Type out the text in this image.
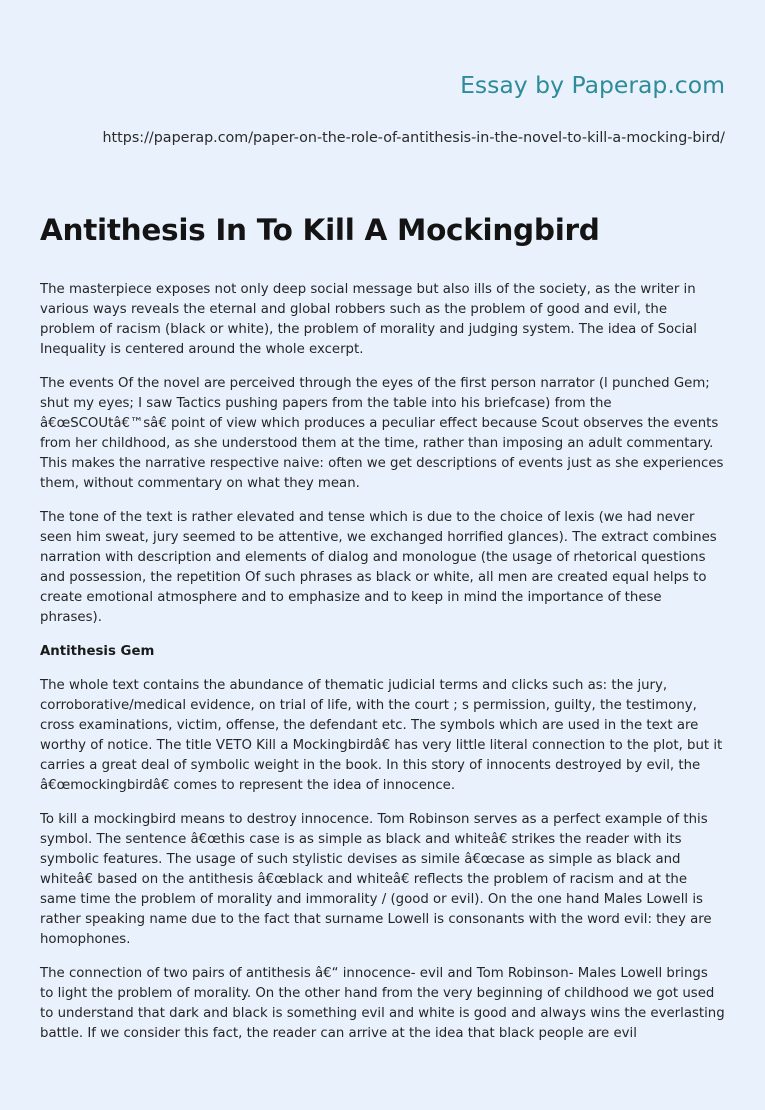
Essay by Paperap.com
https://paperap.com/paper-on-the-role-of-antithesis-in-the-novel-to-kill-a-mocking-bird/
Antithesis In To Kill A Mockingbird

The masterpiece exposes not only deep social message but also ills of the society, as the writer in various ways reveals the eternal and global robbers such as the problem of good and evil, the problem of racism (black or white), the problem of morality and judging system. The idea of Social Inequality is centered around the whole excerpt.

The events Of the novel are perceived through the eyes of the first person narrator (l punched Gem; shut my eyes; I saw Tactics pushing papers from the table into his briefcase) from the â€œSCOUtâ€™sâ€ point of view which produces a peculiar effect because Scout observes the events from her childhood, as she understood them at the time, rather than imposing an adult commentary. This makes the narrative respective naive: often we get descriptions of events just as she experiences them, without commentary on what they mean.

The tone of the text is rather elevated and tense which is due to the choice of lexis (we had never seen him sweat, jury seemed to be attentive, we exchanged horrified glances). The extract combines narration with description and elements of dialog and monologue (the usage of rhetorical questions and possession, the repetition Of such phrases as black or white, all men are created equal helps to create emotional atmosphere and to emphasize and to keep in mind the importance of these phrases).

Antithesis Gem

The whole text contains the abundance of thematic judicial terms and clicks such as: the jury, corroborative/medical evidence, on trial of life, with the court ; s permission, guilty, the testimony, cross examinations, victim, offense, the defendant etc. The symbols which are used in the text are worthy of notice. The title VETO Kill a Mockingbirdâ€ has very little literal connection to the plot, but it carries a great deal of symbolic weight in the book. In this story of innocents destroyed by evil, the â€œmockingbirdâ€ comes to represent the idea of innocence.

To kill a mockingbird means to destroy innocence. Tom Robinson serves as a perfect example of this symbol. The sentence â€œthis case is as simple as black and whiteâ€ strikes the reader with its symbolic features. The usage of such stylistic devises as simile â€œcase as simple as black and whiteâ€ based on the antithesis â€œblack and whiteâ€ reflects the problem of racism and at the same time the problem of morality and immorality / (good or evil). On the one hand Males Lowell is rather speaking name due to the fact that surname Lowell is consonants with the word evil: they are homophones.

The connection of two pairs of antithesis â€“ innocence- evil and Tom Robinson- Males Lowell brings to light the problem of morality. On the other hand from the very beginning of childhood we got used to understand that dark and black is something evil and white is good and always wins the everlasting battle. If we consider this fact, the reader can arrive at the idea that black people are evil
